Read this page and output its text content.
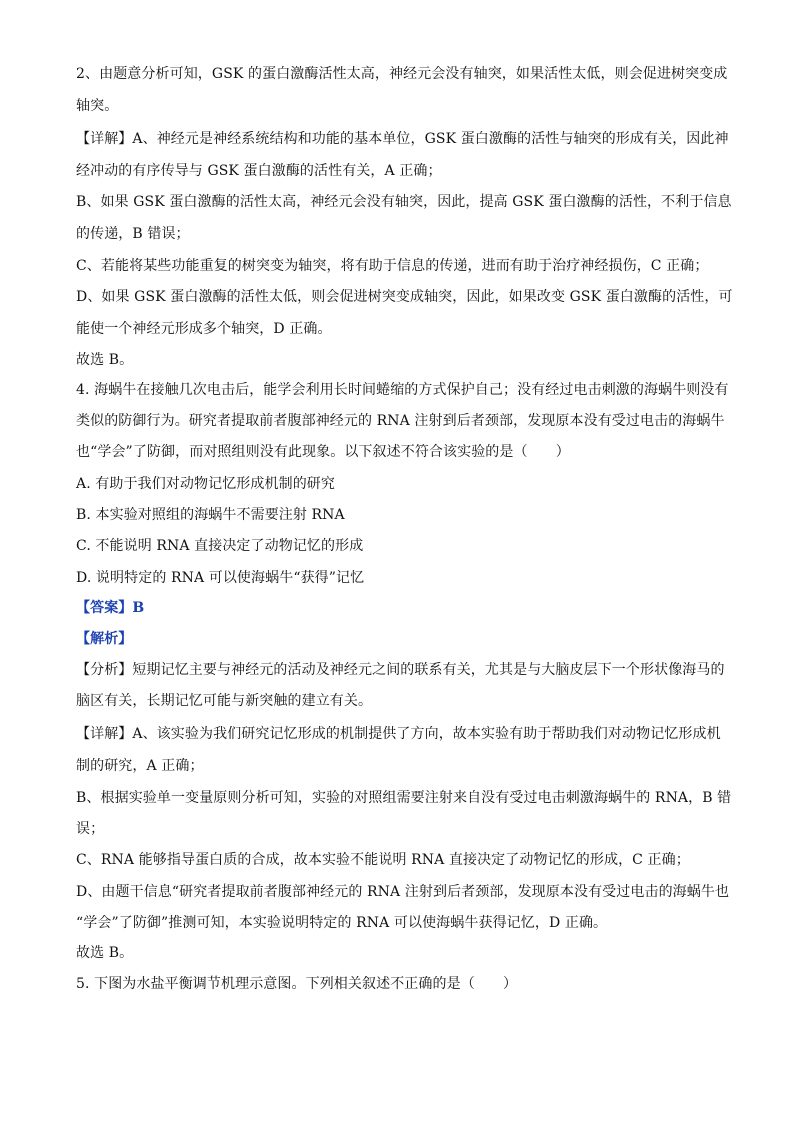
2、由题意分析可知，GSK 的蛋白激酶活性太高，神经元会没有轴突，如果活性太低，则会促进树突变成
轴突。
【详解】A、神经元是神经系统结构和功能的基本单位，GSK 蛋白激酶的活性与轴突的形成有关，因此神
经冲动的有序传导与 GSK 蛋白激酶的活性有关，A 正确；
B、如果 GSK 蛋白激酶的活性太高，神经元会没有轴突，因此，提高 GSK 蛋白激酶的活性，不利于信息
的传递，B 错误；
C、若能将某些功能重复的树突变为轴突，将有助于信息的传递，进而有助于治疗神经损伤，C 正确；
D、如果 GSK 蛋白激酶的活性太低，则会促进树突变成轴突，因此，如果改变 GSK 蛋白激酶的活性，可
能使一个神经元形成多个轴突，D 正确。
故选 B。
4. 海蜗牛在接触几次电击后，能学会利用长时间蜷缩的方式保护自己；没有经过电击刺激的海蜗牛则没有
类似的防御行为。研究者提取前者腹部神经元的 RNA 注射到后者颈部，发现原本没有受过电击的海蜗牛
也“学会”了防御，而对照组则没有此现象。以下叙述不符合该实验的是（　　）
A. 有助于我们对动物记忆形成机制的研究
B. 本实验对照组的海蜗牛不需要注射 RNA
C. 不能说明 RNA 直接决定了动物记忆的形成
D. 说明特定的 RNA 可以使海蜗牛“获得”记忆
【答案】B
【解析】
【分析】短期记忆主要与神经元的活动及神经元之间的联系有关，尤其是与大脑皮层下一个形状像海马的
脑区有关，长期记忆可能与新突触的建立有关。
【详解】A、该实验为我们研究记忆形成的机制提供了方向，故本实验有助于帮助我们对动物记忆形成机
制的研究，A 正确；
B、根据实验单一变量原则分析可知，实验的对照组需要注射来自没有受过电击刺激海蜗牛的 RNA，B 错
误；
C、RNA 能够指导蛋白质的合成，故本实验不能说明 RNA 直接决定了动物记忆的形成，C 正确；
D、由题干信息“研究者提取前者腹部神经元的 RNA 注射到后者颈部，发现原本没有受过电击的海蜗牛也
“学会”了防御”推测可知，本实验说明特定的 RNA 可以使海蜗牛获得记忆，D 正确。
故选 B。
5. 下图为水盐平衡调节机理示意图。下列相关叙述不正确的是（　　）
